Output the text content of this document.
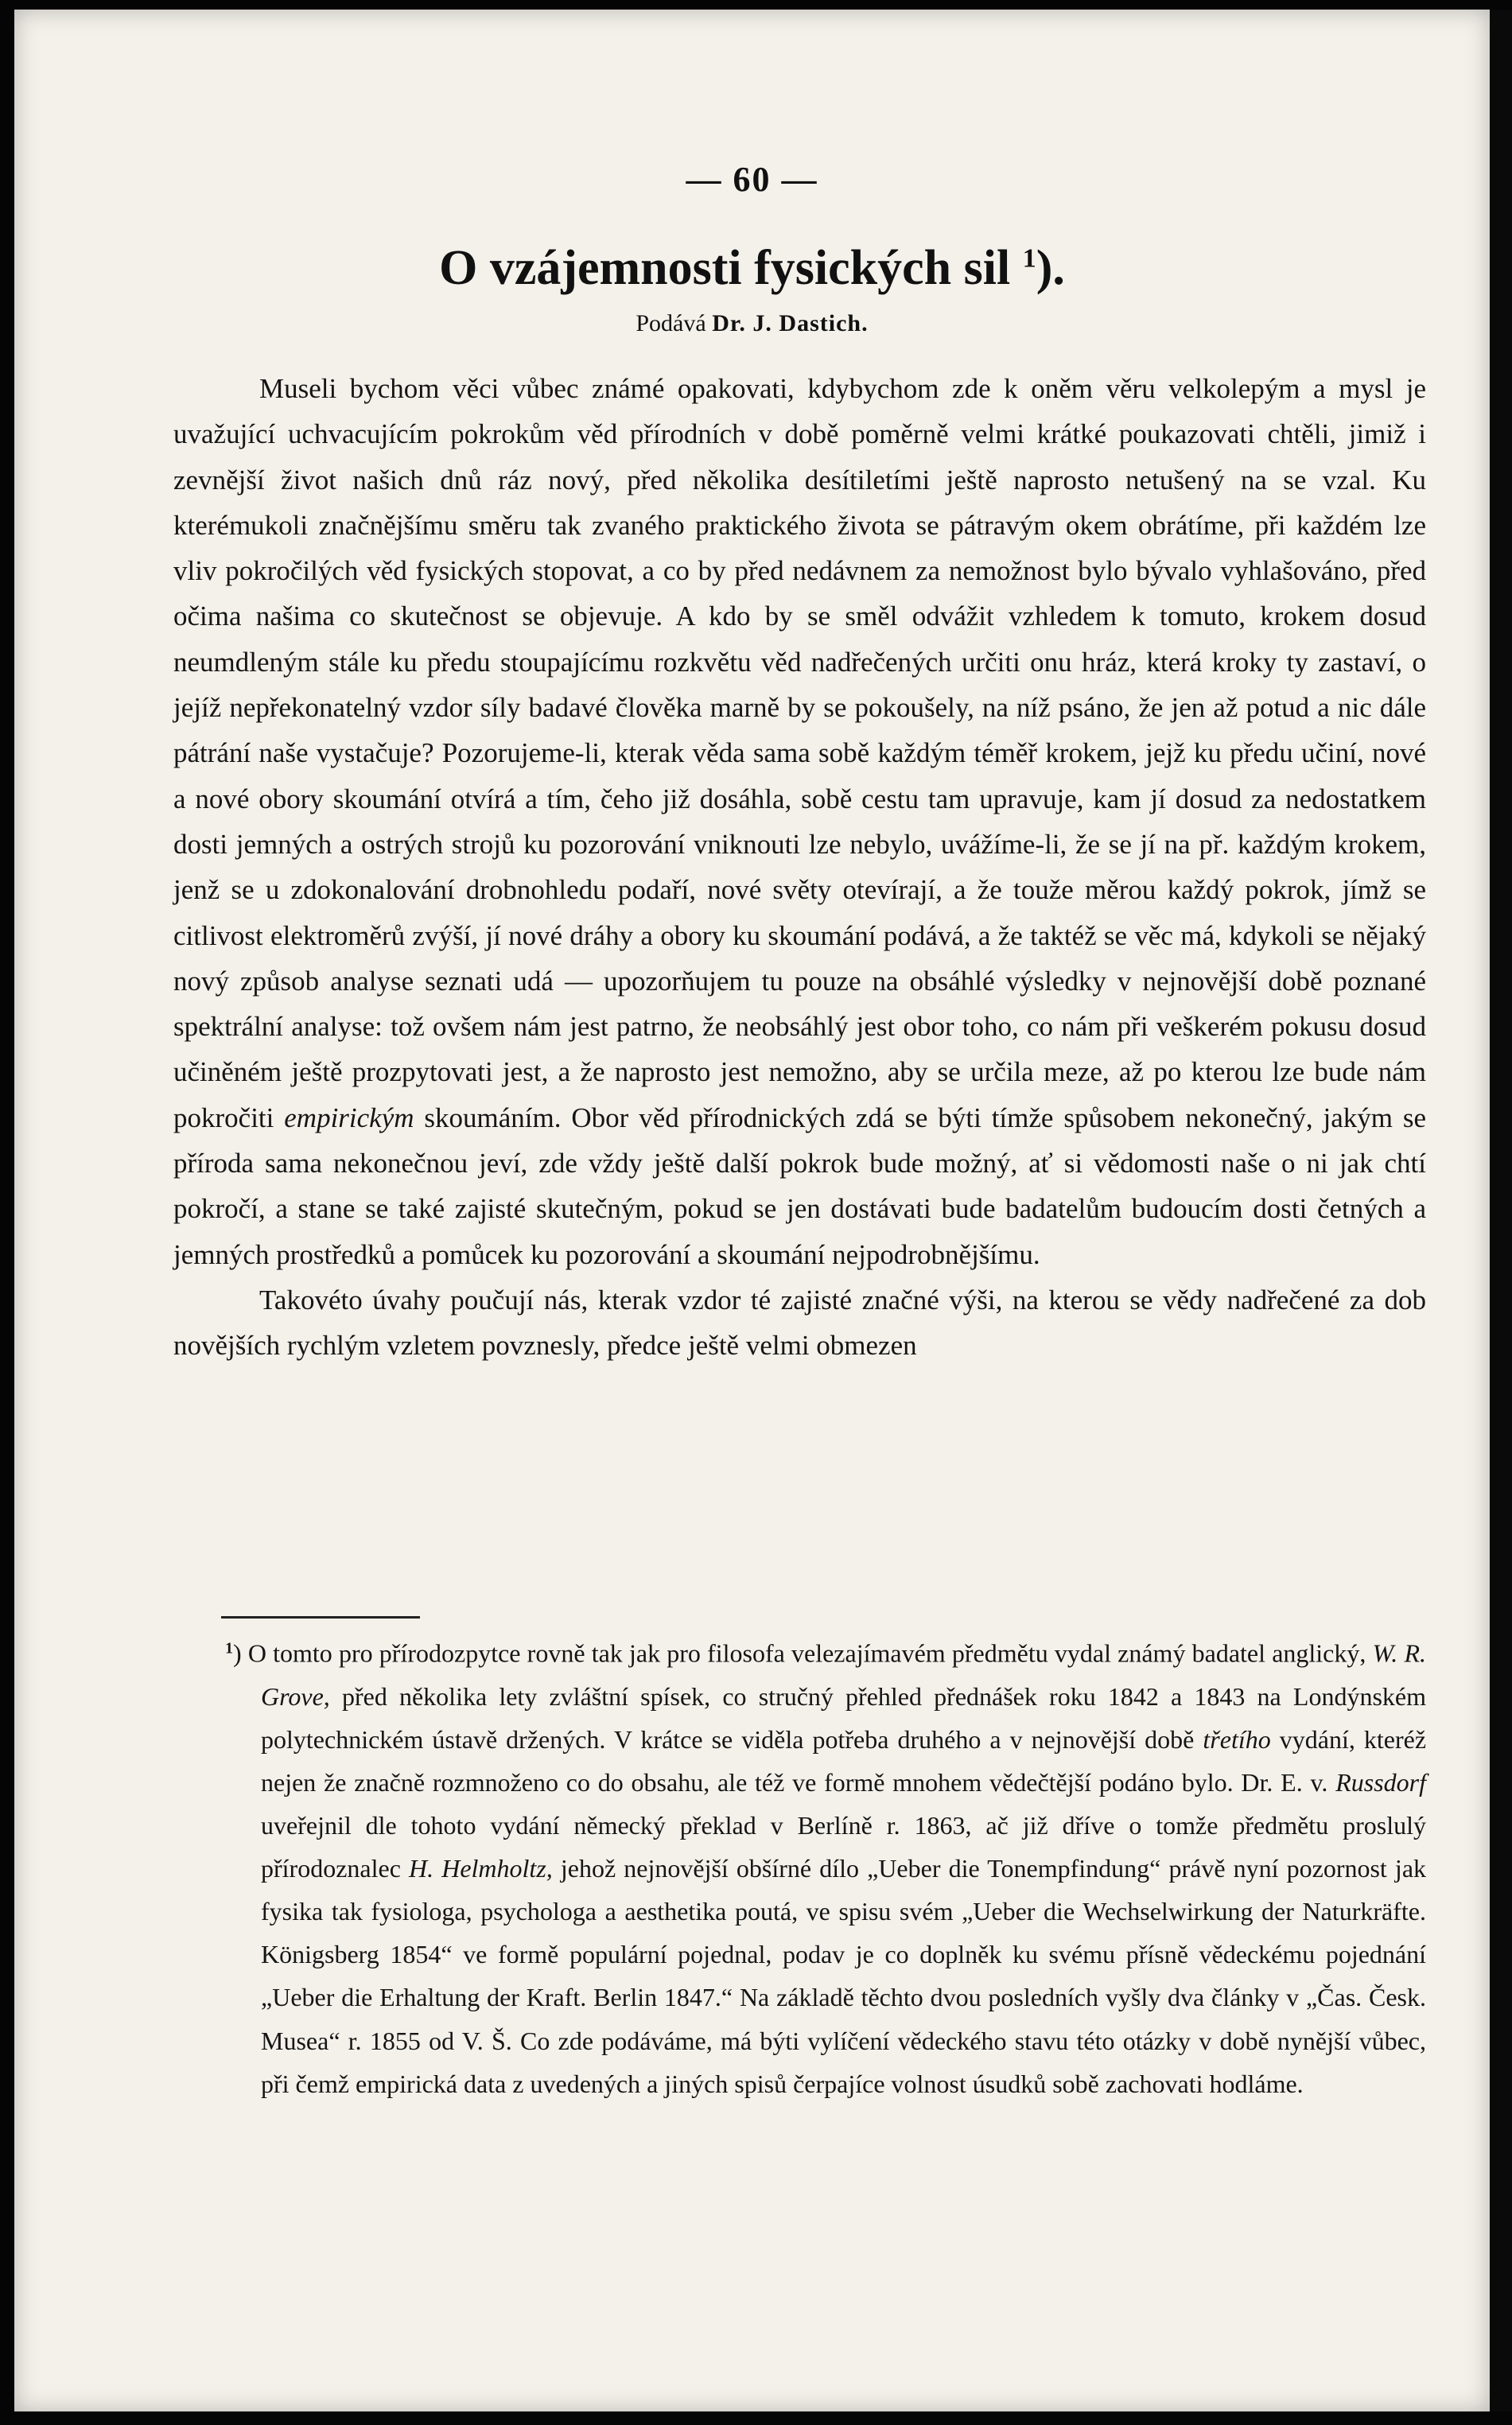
— 60 —
O vzájemnosti fysických sil $^1$).
Podává Dr. J. Dastich.

Museli bychom věci vůbec známé opakovati, kdybychom zde k oněm věru velkolepým a mysl je uvažující uchvacujícím pokrokům věd přírodních v době poměrně velmi krátké poukazovati chtěli, jimiž i zevnější život našich dnů ráz nový, před několika desítiletími ještě naprosto netušený na se vzal. Ku kterémukoli značnějšímu směru tak zvaného praktického života se pátravým okem obrátíme, při každém lze vliv pokročilých věd fysických stopovat, a co by před nedávnem za nemožnost bylo bývalo vyhlašováno, před očima našima co skutečnost se objevuje. A kdo by se směl odvážit vzhledem k tomuto, krokem dosud neumdleným stále ku předu stoupajícímu rozkvětu věd nadřečených určiti onu hráz, která kroky ty zastaví, o jejíž nepřekonatelný vzdor síly badavé člověka marně by se pokoušely, na níž psáno, že jen až potud a nic dále pátrání naše vystačuje? Pozorujeme-li, kterak věda sama sobě každým téměř krokem, jejž ku předu učiní, nové a nové obory skoumání otvírá a tím, čeho již dosáhla, sobě cestu tam upravuje, kam jí dosud za nedostatkem dosti jemných a ostrých strojů ku pozorování vniknouti lze nebylo, uvážíme-li, že se jí na př. každým krokem, jenž se u zdokonalování drobnohledu podaří, nové světy otevírají, a že touže měrou každý pokrok, jímž se citlivost elektroměrů zvýší, jí nové dráhy a obory ku skoumání podává, a že taktéž se věc má, kdykoli se nějaký nový způsob analyse seznati udá — upozorňujem tu pouze na obsáhlé výsledky v nejnovější době poznané spektrální analyse: tož ovšem nám jest patrno, že neobsáhlý jest obor toho, co nám při veškerém pokusu dosud učiněném ještě prozpytovati jest, a že naprosto jest nemožno, aby se určila meze, až po kterou lze bude nám pokročiti empirickým skoumáním. Obor věd přírodnických zdá se býti tímže spůsobem nekonečný, jakým se příroda sama nekonečnou jeví, zde vždy ještě další pokrok bude možný, ať si vědomosti naše o ni jak chtí pokročí, a stane se také zajisté skutečným, pokud se jen dostávati bude badatelům budoucím dosti četných a jemných prostředků a pomůcek ku pozorování a skoumání nejpodrobnějšímu.

Takovéto úvahy poučují nás, kterak vzdor té zajisté značné výši, na kterou se vědy nadřečené za dob novějších rychlým vzletem povznesly, předce ještě velmi obmezen

$^1$) O tomto pro přírodozpytce rovně tak jak pro filosofa velezajímavém předmětu vydal známý badatel anglický, W. R. Grove, před několika lety zvláštní spísek, co stručný přehled přednášek roku 1842 a 1843 na Londýnském polytechnickém ústavě držených. V krátce se viděla potřeba druhého a v nejnovější době třetího vydání, kteréž nejen že značně rozmnoženo co do obsahu, ale též ve formě mnohem vědečtější podáno bylo. Dr. E. v. Russdorf uveřejnil dle tohoto vydání německý překlad v Berlíně r. 1863, ač již dříve o tomže předmětu proslulý přírodoznalec H. Helmholtz, jehož nejnovější obšírné dílo „Ueber die Tonempfindung“ právě nyní pozornost jak fysika tak fysiologa, psychologa a aesthetika poutá, ve spisu svém „Ueber die Wechselwirkung der Naturkräfte. Königsberg 1854“ ve formě populární pojednal, podav je co doplněk ku svému přísně vědeckému pojednání „Ueber die Erhaltung der Kraft. Berlin 1847.“ Na základě těchto dvou posledních vyšly dva články v „Čas. Česk. Musea“ r. 1855 od V. Š. Co zde podáváme, má býti vylíčení vědeckého stavu této otázky v době nynější vůbec, při čemž empirická data z uvedených a jiných spisů čerpajíce volnost úsudků sobě zachovati hodláme.
